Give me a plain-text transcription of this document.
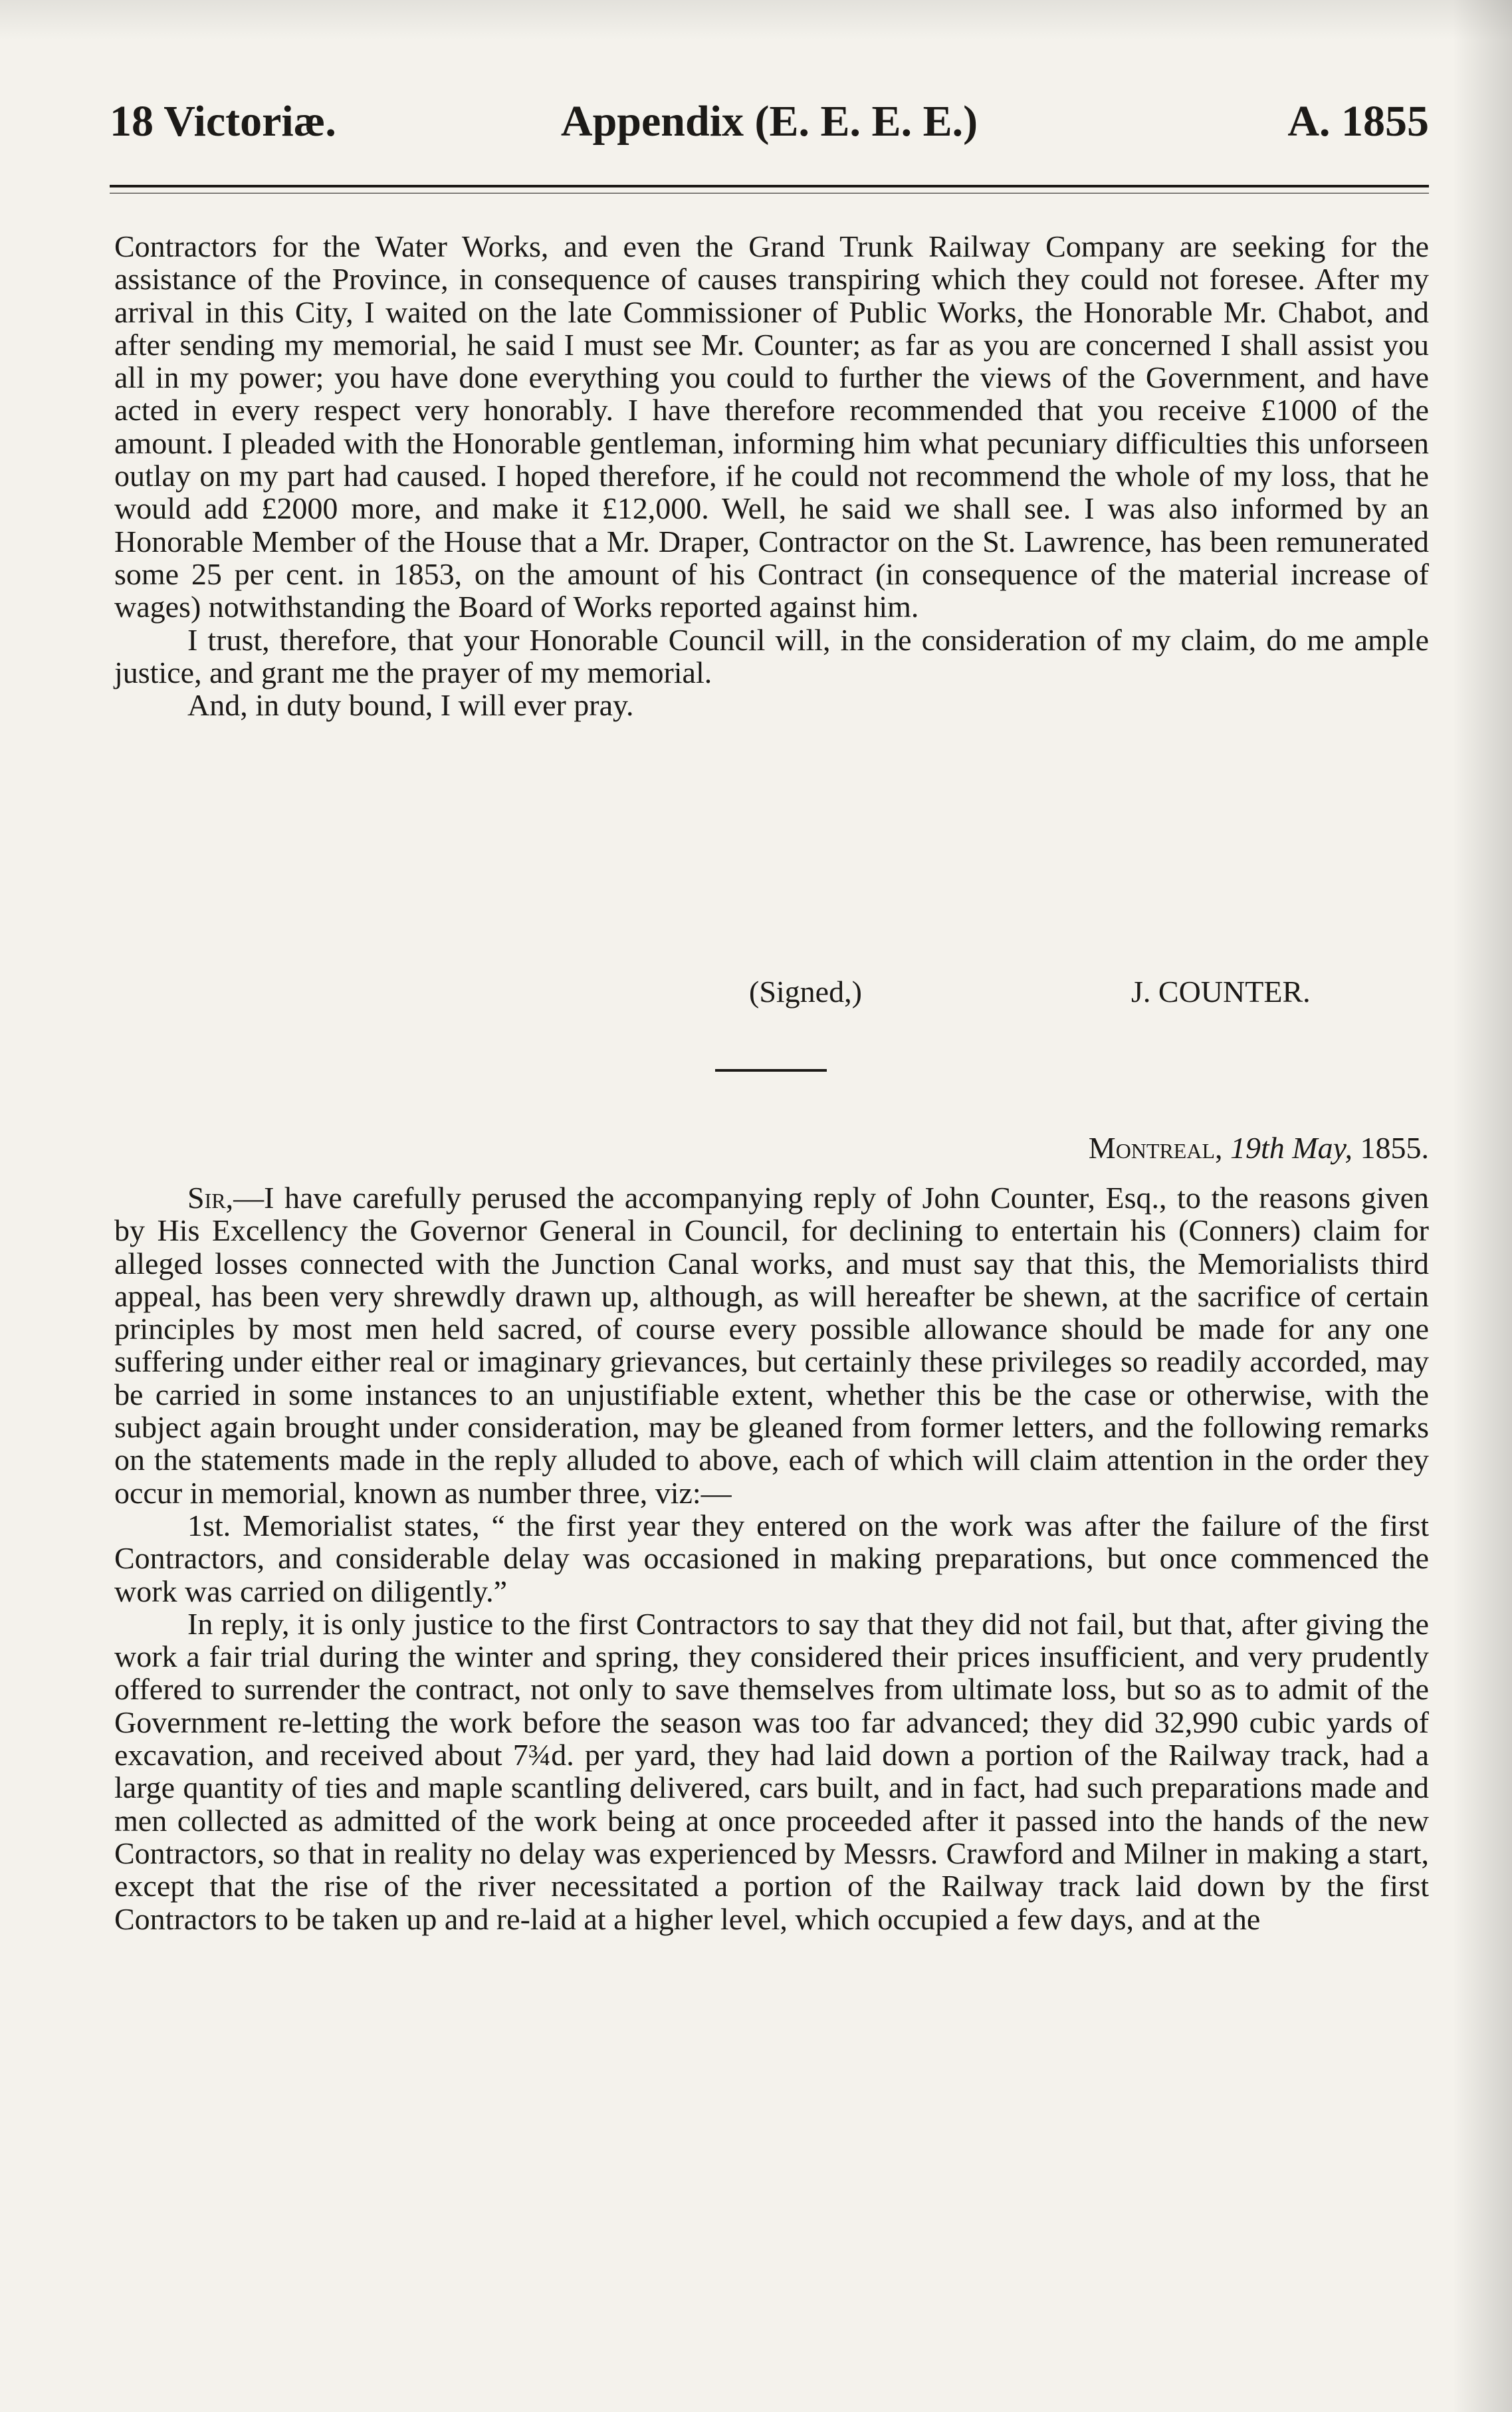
18 Victoriæ.	Appendix (E. E. E. E.)	A. 1855

Contractors for the Water Works, and even the Grand Trunk Railway Company are seeking for the assistance of the Province, in consequence of causes transpiring which they could not foresee. After my arrival in this City, I waited on the late Commissioner of Public Works, the Honorable Mr. Chabot, and after sending my memorial, he said I must see Mr. Counter; as far as you are concerned I shall assist you all in my power; you have done everything you could to further the views of the Government, and have acted in every respect very honorably. I have therefore recommended that you receive £1000 of the amount. I pleaded with the Honorable gentleman, informing him what pecuniary difficulties this unforseen outlay on my part had caused. I hoped therefore, if he could not recommend the whole of my loss, that he would add £2000 more, and make it £12,000. Well, he said we shall see. I was also informed by an Honorable Member of the House that a Mr. Draper, Contractor on the St. Lawrence, has been remunerated some 25 per cent. in 1853, on the amount of his Contract (in consequence of the material increase of wages) notwithstanding the Board of Works reported against him.

I trust, therefore, that your Honorable Council will, in the consideration of my claim, do me ample justice, and grant me the prayer of my memorial.

And, in duty bound, I will ever pray.

(Signed,)	J. COUNTER.
Montreal, 19th May, 1855.

Sir,—I have carefully perused the accompanying reply of John Counter, Esq., to the reasons given by His Excellency the Governor General in Council, for declining to entertain his (Conners) claim for alleged losses connected with the Junction Canal works, and must say that this, the Memorialists third appeal, has been very shrewdly drawn up, although, as will hereafter be shewn, at the sacrifice of certain principles by most men held sacred, of course every possible allowance should be made for any one suffering under either real or imaginary grievances, but certainly these privileges so readily accorded, may be carried in some instances to an unjustifiable extent, whether this be the case or otherwise, with the subject again brought under consideration, may be gleaned from former letters, and the following remarks on the statements made in the reply alluded to above, each of which will claim attention in the order they occur in memorial, known as number three, viz:—

1st. Memorialist states, “ the first year they entered on the work was after the failure of the first Contractors, and considerable delay was occasioned in making preparations, but once commenced the work was carried on diligently.”

In reply, it is only justice to the first Contractors to say that they did not fail, but that, after giving the work a fair trial during the winter and spring, they considered their prices insufficient, and very prudently offered to surrender the contract, not only to save themselves from ultimate loss, but so as to admit of the Government re-letting the work before the season was too far advanced; they did 32,990 cubic yards of excavation, and received about 7¾d. per yard, they had laid down a portion of the Railway track, had a large quantity of ties and maple scantling delivered, cars built, and in fact, had such preparations made and men collected as admitted of the work being at once proceeded after it passed into the hands of the new Contractors, so that in reality no delay was experienced by Messrs. Crawford and Milner in making a start, except that the rise of the river necessitated a portion of the Railway track laid down by the first Contractors to be taken up and re-laid at a higher level, which occupied a few days, and at the
